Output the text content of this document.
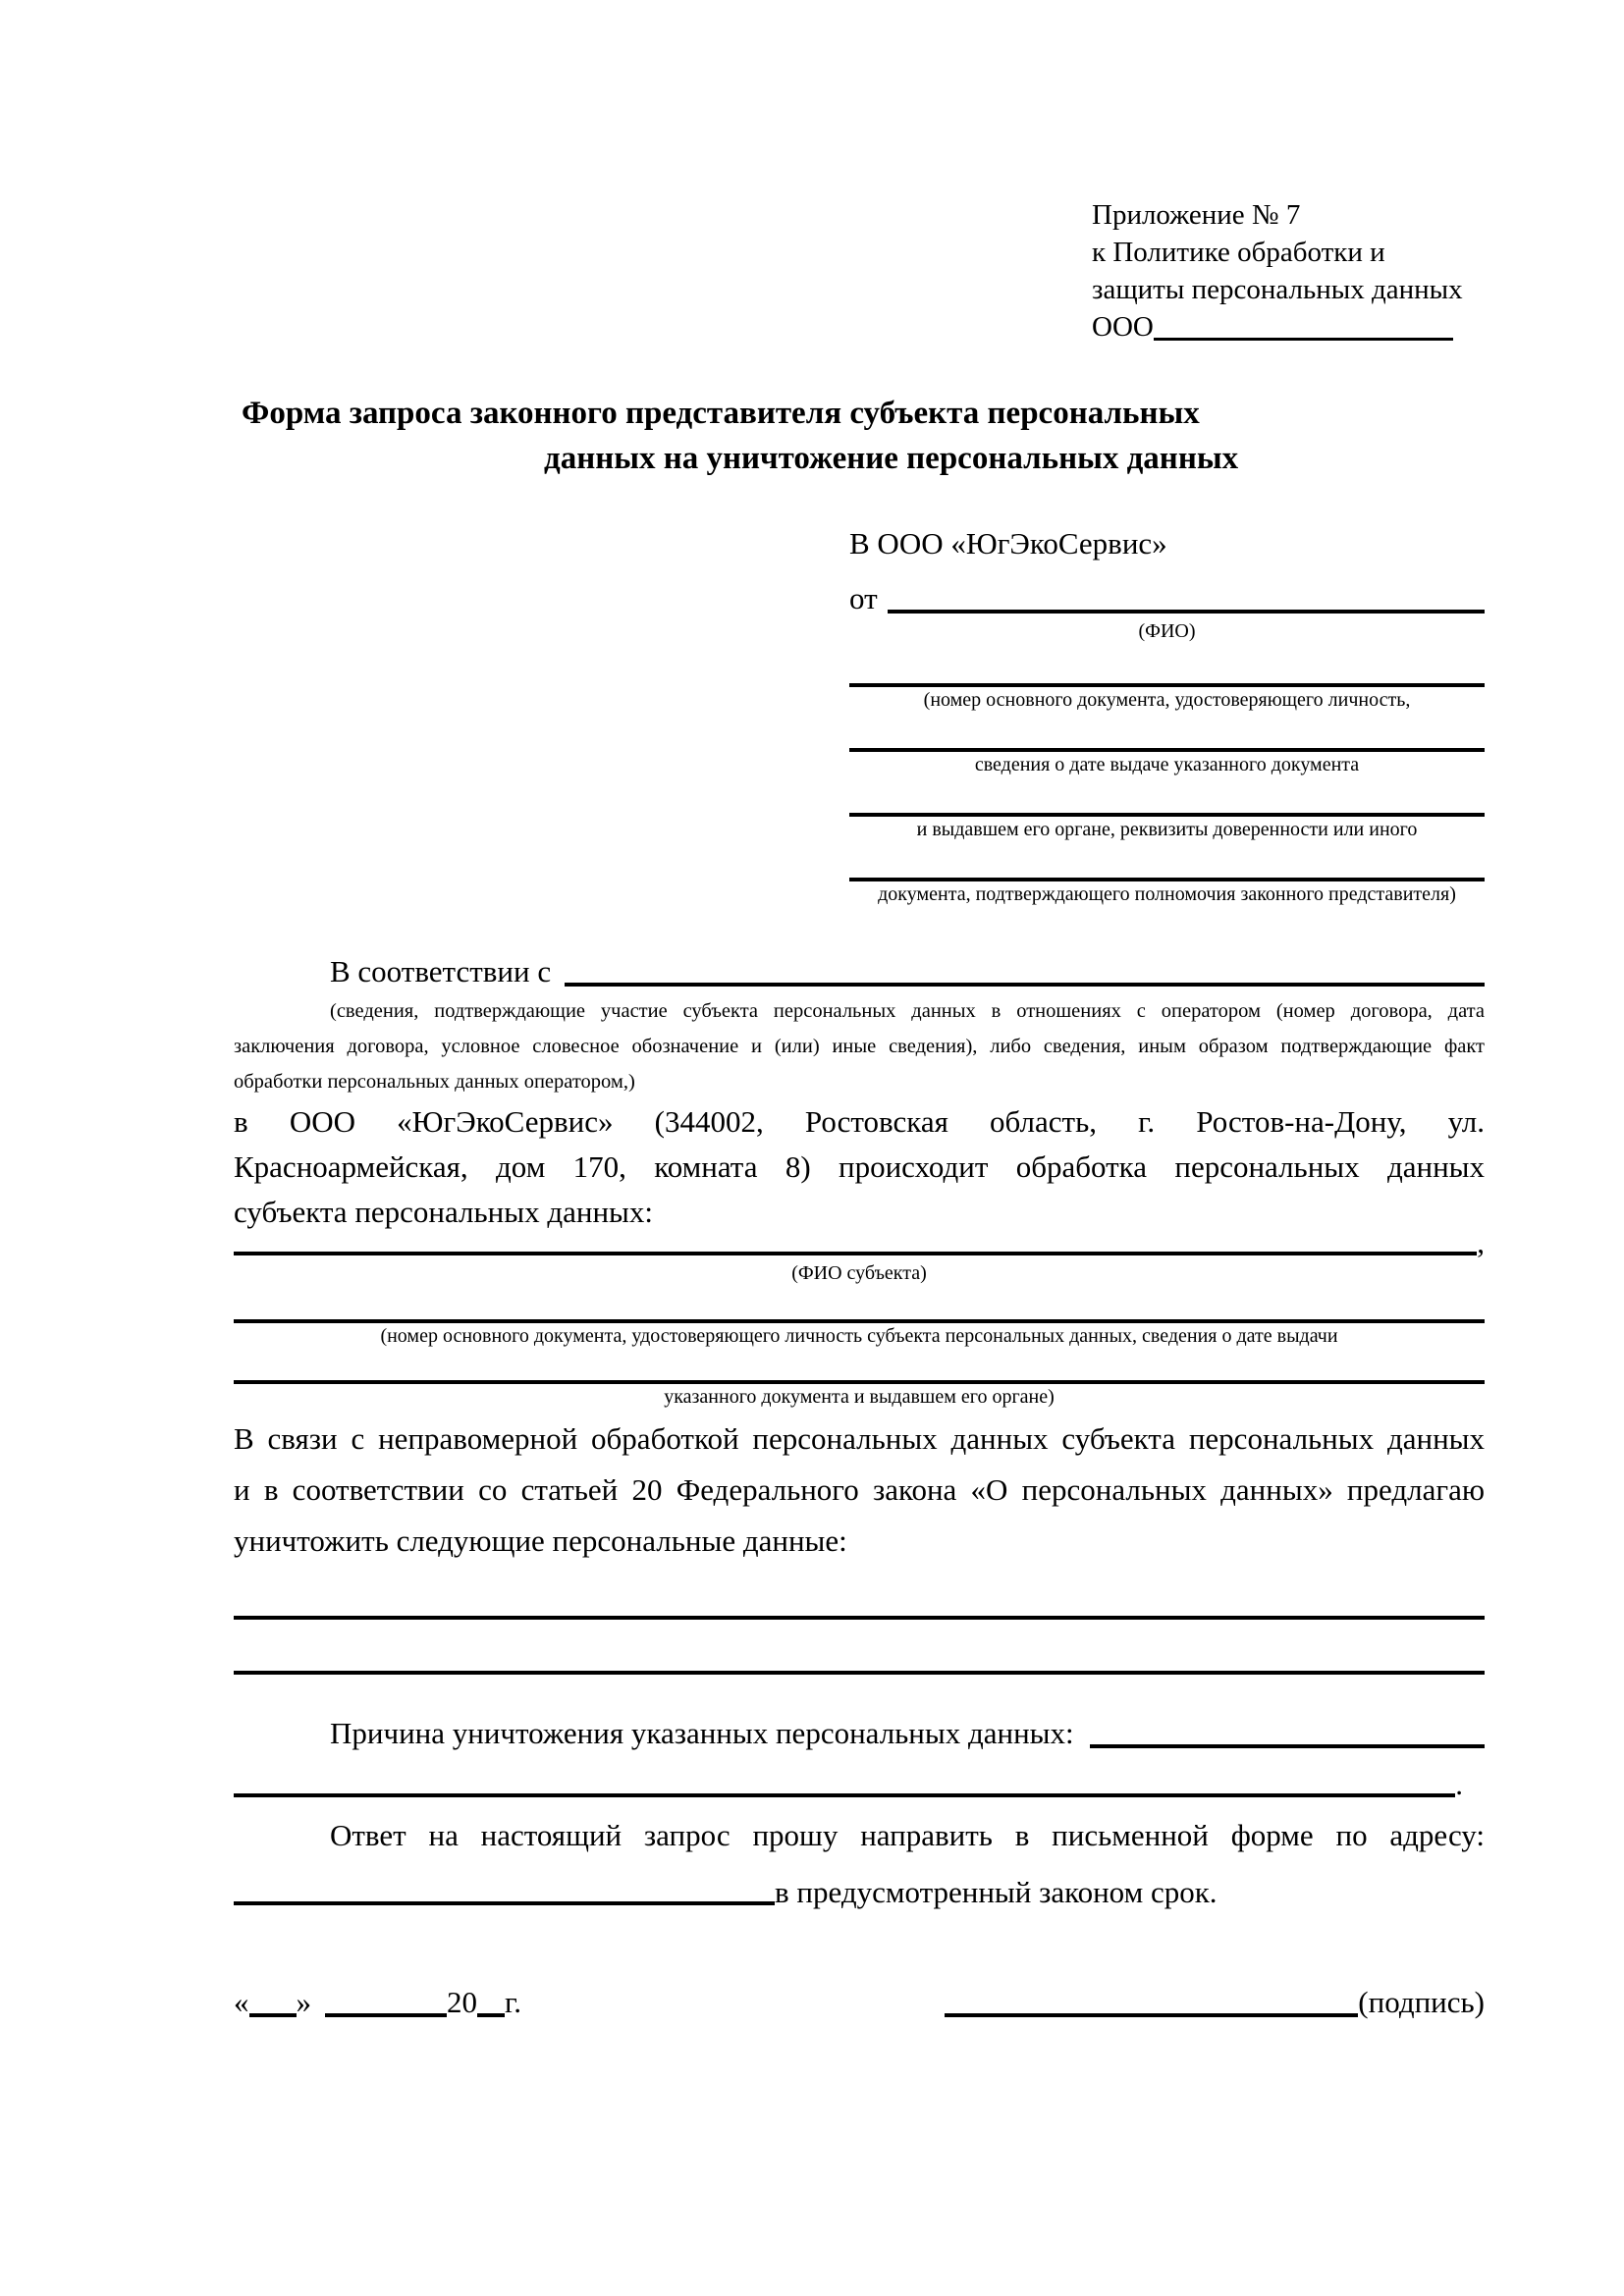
Приложение № 7
к Политике обработки и
защиты персональных данных
ООО
Форма запроса законного представителя субъекта персональных
данных на уничтожение персональных данных
В ООО «ЮгЭкоСервис»
от
(ФИО)
(номер основного документа, удостоверяющего личность,
сведения о дате выдаче указанного документа
и выдавшем его органе, реквизиты доверенности или иного
документа, подтверждающего полномочия законного представителя)
В соответствии с
(сведения, подтверждающие участие субъекта персональных данных в отношениях с оператором (номер договора, дата
заключения договора, условное словесное обозначение и (или) иные сведения), либо сведения, иным образом подтверждающие факт
обработки персональных данных оператором,)
в ООО «ЮгЭкоСервис» (344002, Ростовская область, г. Ростов-на-Дону, ул.
Красноармейская, дом 170, комната 8) происходит обработка персональных данных
субъекта персональных данных:
,
(ФИО субъекта)
(номер основного документа, удостоверяющего личность субъекта персональных данных, сведения о дате выдачи
указанного документа и выдавшем его органе)
В связи с неправомерной обработкой персональных данных субъекта персональных данных
и в соответствии со статьей 20 Федерального закона «О персональных данных» предлагаю
уничтожить следующие персональные данные:
Причина уничтожения указанных персональных данных:
.
Ответ на настоящий запрос прошу направить в письменной форме по адресу:
в предусмотренный законом срок.
« »	20 г.	(подпись)
